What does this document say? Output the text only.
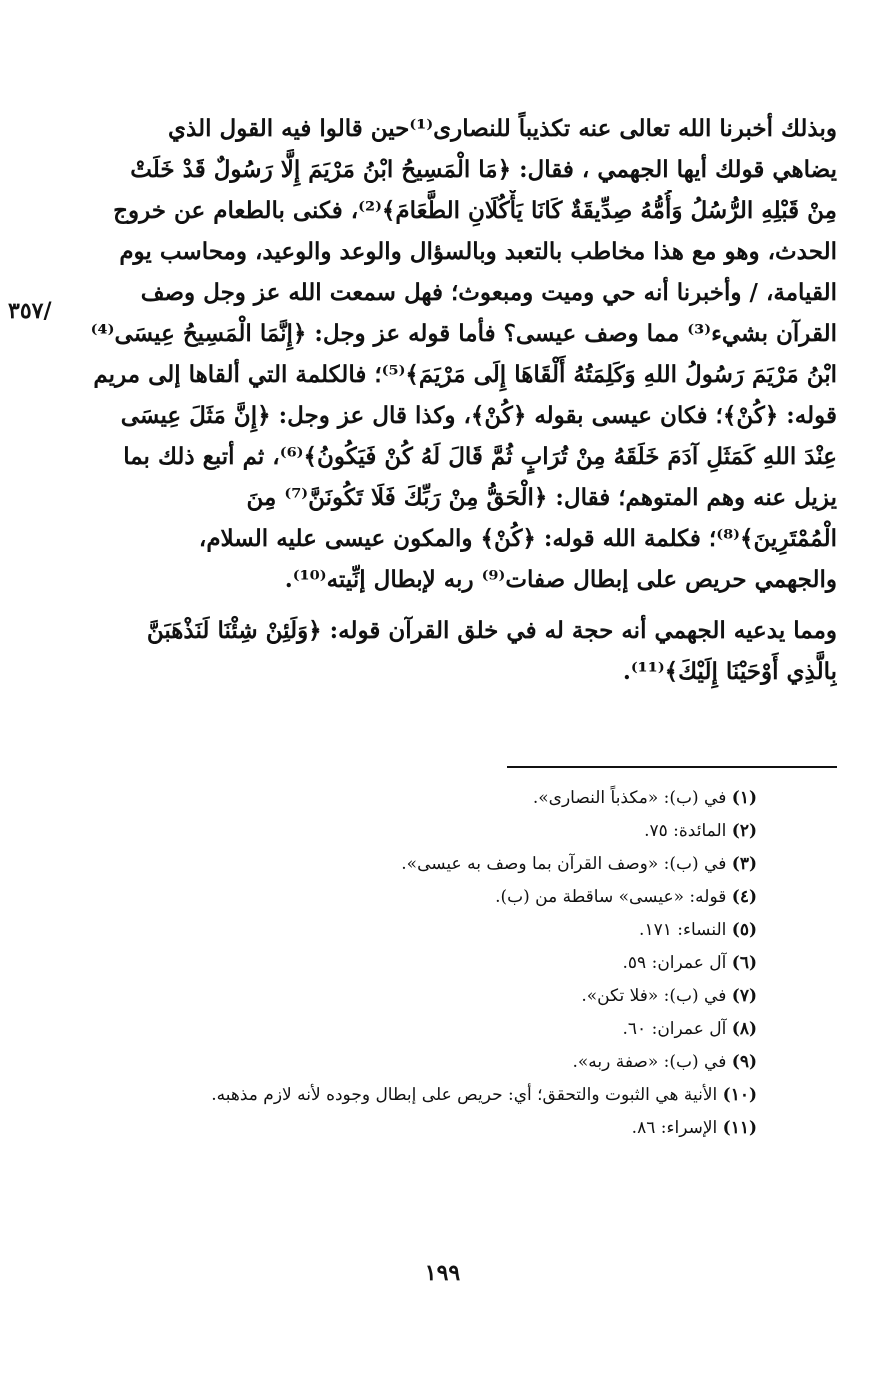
وبذلك أخبرنا الله تعالى عنه تكذيباً للنصارى⁽¹⁾حين قالوا فيه القول الذي
يضاهي قولك أيها الجهمي ، فقال: ﴿مَا الْمَسِيحُ ابْنُ مَرْيَمَ إِلَّا رَسُولٌ قَدْ خَلَتْ
مِنْ قَبْلِهِ الرُّسُلُ وَأُمُّهُ صِدِّيقَةٌ كَانَا يَأْكُلَانِ الطَّعَامَ﴾⁽²⁾، فكنى بالطعام عن خروج
الحدث، وهو مع هذا مخاطب بالتعبد وبالسؤال والوعد والوعيد، ومحاسب يوم
القيامة، / وأخبرنا أنه حي وميت ومبعوث؛ فهل سمعت الله عز وجل وصف
القرآن بشيء⁽³⁾ مما وصف عيسى؟ فأما قوله عز وجل: ﴿إِنَّمَا الْمَسِيحُ عِيسَى⁽⁴⁾
ابْنُ مَرْيَمَ رَسُولُ اللهِ وَكَلِمَتُهُ أَلْقَاهَا إِلَى مَرْيَمَ﴾⁽⁵⁾؛ فالكلمة التي ألقاها إلى مريم
قوله: ﴿كُنْ﴾؛ فكان عيسى بقوله ﴿كُنْ﴾، وكذا قال عز وجل: ﴿إِنَّ مَثَلَ عِيسَى
عِنْدَ اللهِ كَمَثَلِ آدَمَ خَلَقَهُ مِنْ تُرَابٍ ثُمَّ قَالَ لَهُ كُنْ فَيَكُونُ﴾⁽⁶⁾، ثم أتبع ذلك بما
يزيل عنه وهم المتوهم؛ فقال: ﴿الْحَقُّ مِنْ رَبِّكَ فَلَا تَكُونَنَّ⁽⁷⁾ مِنَ
الْمُمْتَرِينَ﴾⁽⁸⁾؛ فكلمة الله قوله: ﴿كُنْ﴾ والمكون عيسى عليه السلام،
والجهمي حريص على إبطال صفات⁽⁹⁾ ربه لإبطال إنِّيته⁽¹⁰⁾.
ومما يدعيه الجهمي أنه حجة له في خلق القرآن قوله: ﴿وَلَئِنْ شِئْنَا لَنَذْهَبَنَّ
بِالَّذِي أَوْحَيْنَا إِلَيْكَ﴾⁽¹¹⁾.
/٣٥٧
(١) في (ب): «مكذباً النصارى».
(٢) المائدة: ٧٥.
(٣) في (ب): «وصف القرآن بما وصف به عيسى».
(٤) قوله: «عيسى» ساقطة من (ب).
(٥) النساء: ١٧١.
(٦) آل عمران: ٥٩.
(٧) في (ب): «فلا تكن».
(٨) آل عمران: ٦٠.
(٩) في (ب): «صفة ربه».
(١٠) الأنية هي الثبوت والتحقق؛ أي: حريص على إبطال وجوده لأنه لازم مذهبه.
(١١) الإسراء: ٨٦.
١٩٩
